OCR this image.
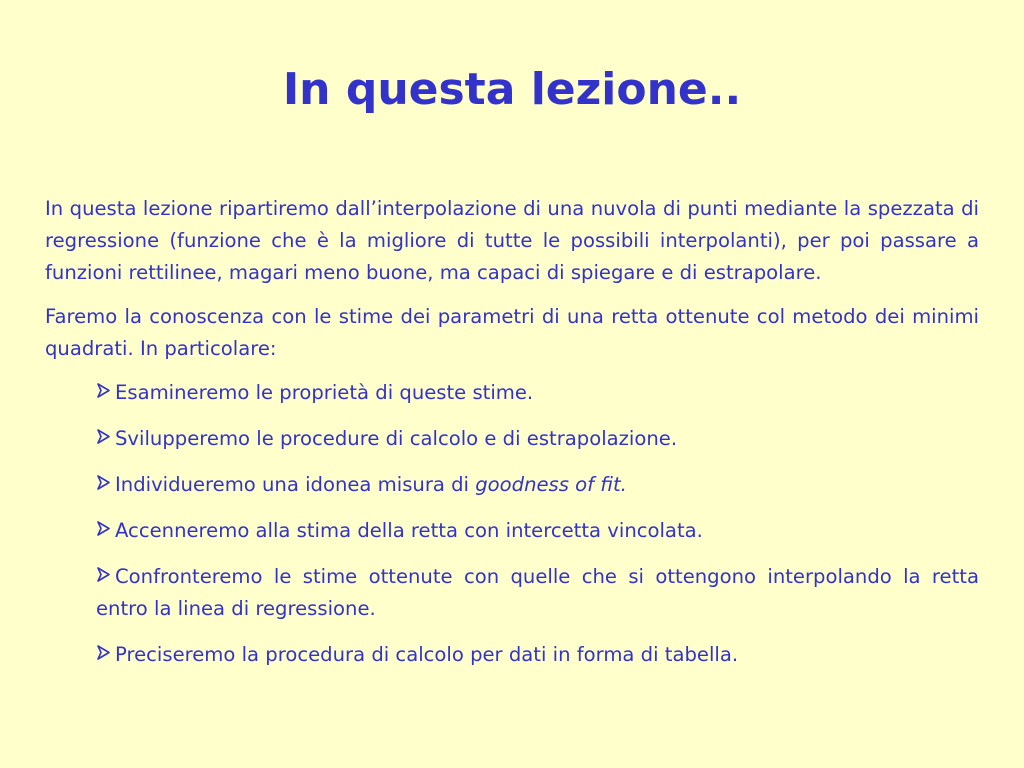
In questa lezione..

In questa lezione ripartiremo dall’interpolazione di una nuvola di punti mediante la spezzata di regressione (funzione che è la migliore di tutte le possibili interpolanti), per poi passare a funzioni rettilinee, magari meno buone, ma capaci di spiegare e di estrapolare.

Faremo la conoscenza con le stime dei parametri di una retta ottenute col metodo dei minimi quadrati. In particolare:

Esamineremo le proprietà di queste stime.
Svilupperemo le procedure di calcolo e di estrapolazione.
Individueremo una idonea misura di goodness of fit.
Accenneremo alla stima della retta con intercetta vincolata.
Confronteremo le stime ottenute con quelle che si ottengono interpolando la retta entro la linea di regressione.
Preciseremo la procedura di calcolo per dati in forma di tabella.
